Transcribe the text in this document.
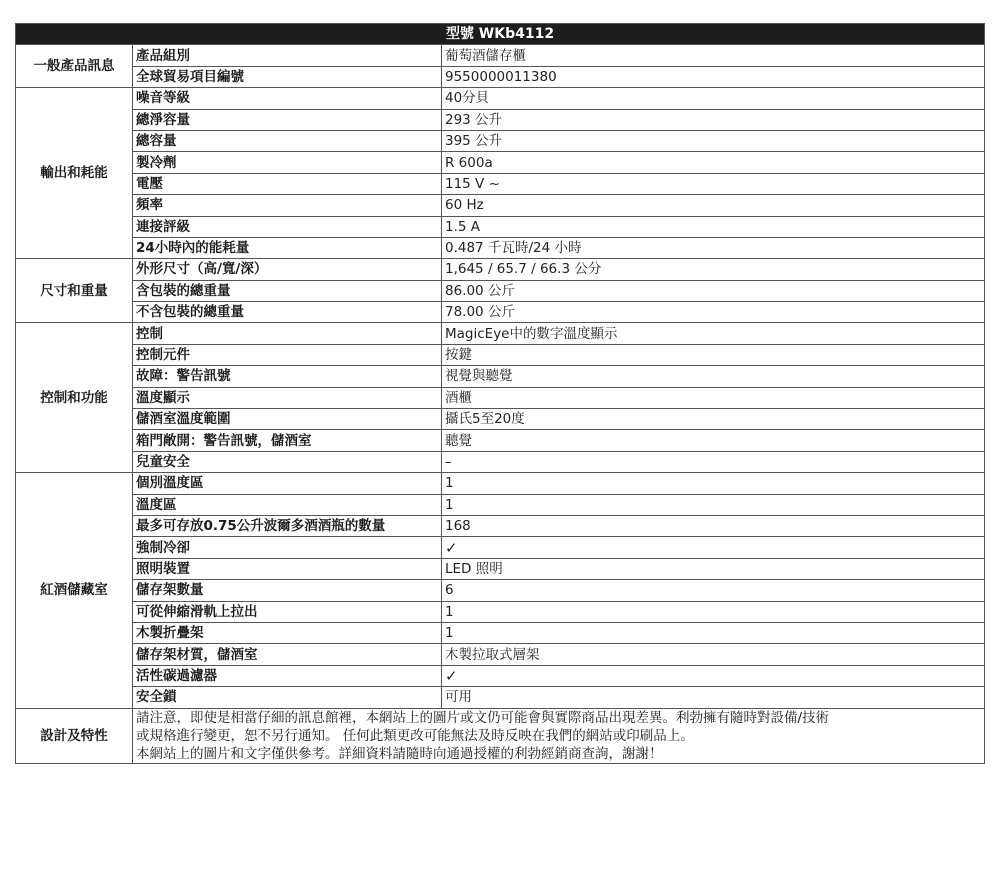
型號 WKb4112		
一般產品訊息	產品組別	葡萄酒儲存櫃
	全球貿易項目編號	9550000011380
輸出和耗能	噪音等級	40分貝
	總淨容量	293 公升
	總容量	395 公升
	製冷劑	R 600a
	電壓	115 V ~
	頻率	60 Hz
	連接評級	1.5 A
	24小時內的能耗量	0.487 千瓦時/24 小時
尺寸和重量	外形尺寸（高/寬/深）	1,645 / 65.7 / 66.3 公分
	含包裝的總重量	86.00 公斤
	不含包裝的總重量	78.00 公斤
控制和功能	控制	MagicEye中的數字溫度顯示
	控制元件	按鍵
	故障：警告訊號	視覺與聽覺
	溫度顯示	酒櫃
	儲酒室溫度範圍	攝氏5至20度
	箱門敞開：警告訊號，儲酒室	聽覺
	兒童安全	–
紅酒儲藏室	個別溫度區	1
	溫度區	1
	最多可存放0.75公升波爾多酒酒瓶的數量	168
	強制冷卻	✓
	照明裝置	LED 照明
	儲存架數量	6
	可從伸縮滑軌上拉出	1
	木製折疊架	1
	儲存架材質，儲酒室	木製拉取式層架
	活性碳過濾器	✓
	安全鎖	可用
設計及特性	請注意，即使是相當仔細的訊息館裡，本網站上的圖片或文仍可能會與實際商品出現差異。利勃擁有隨時對設備/技術

或規格進行變更，恕不另行通知。 任何此類更改可能無法及時反映在我們的網站或印刷品上。

本網站上的圖片和文字僅供參考。詳細資料請隨時向通過授權的利勃經銷商查詢，謝謝！	
